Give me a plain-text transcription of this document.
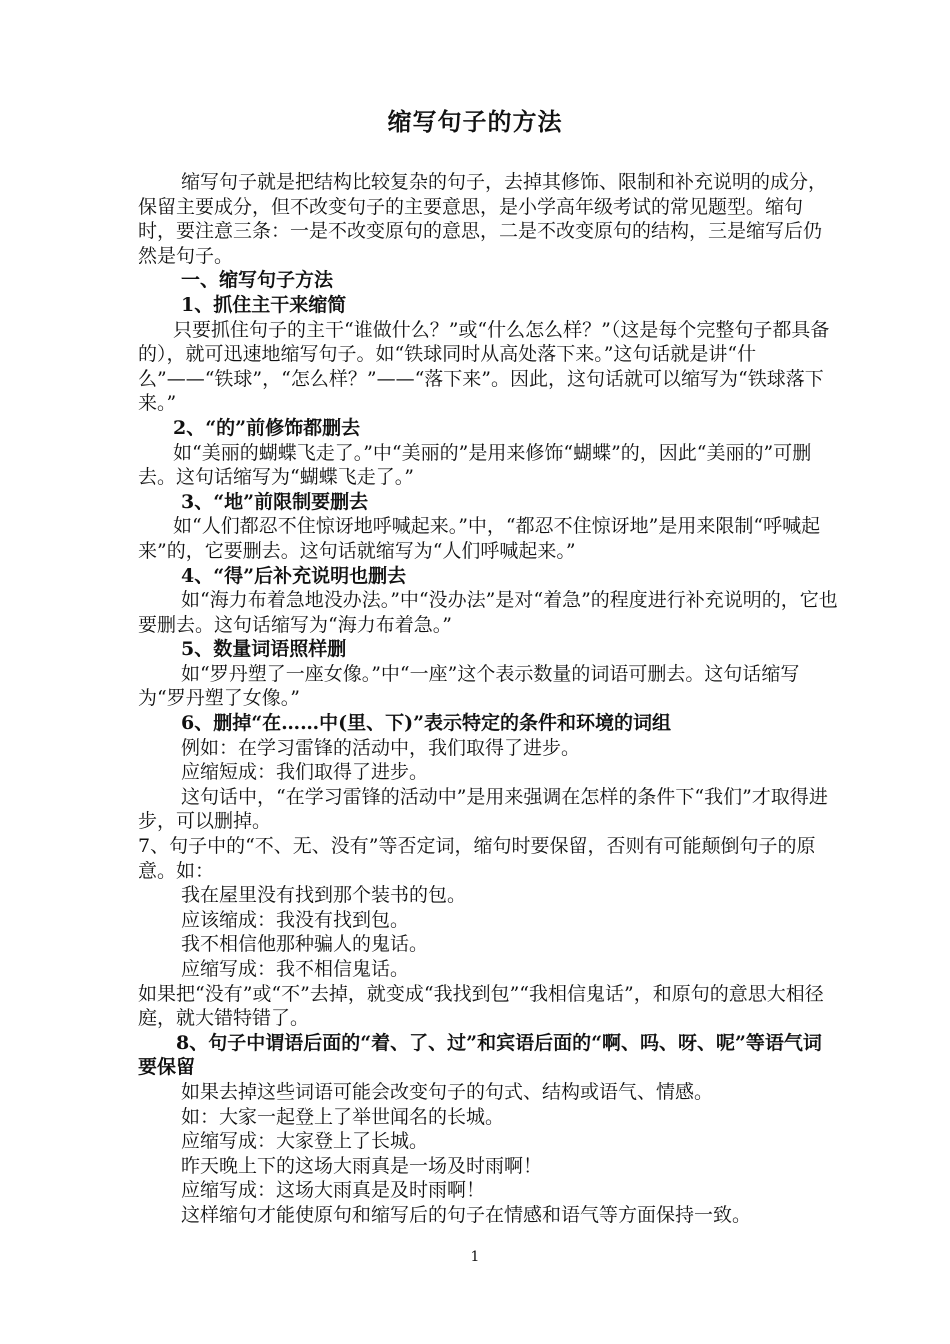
缩写句子的方法

缩写句子就是把结构比较复杂的句子，去掉其修饰、限制和补充说明的成分，保留主要成分，但不改变句子的主要意思，是小学高年级考试的常见题型。缩句时，要注意三条：一是不改变原句的意思，二是不改变原句的结构，三是缩写后仍然是句子。

一、缩写句子方法

1、抓住主干来缩简

只要抓住句子的主干“谁做什么？”或“什么怎么样？”（这是每个完整句子都具备的），就可迅速地缩写句子。如“铁球同时从高处落下来。”这句话就是讲“什么”——“铁球”，“怎么样？”——“落下来”。因此，这句话就可以缩写为“铁球落下来。”

2、“的”前修饰都删去

如“美丽的蝴蝶飞走了。”中“美丽的”是用来修饰“蝴蝶”的，因此“美丽的”可删去。这句话缩写为“蝴蝶飞走了。”

3、“地”前限制要删去

如“人们都忍不住惊讶地呼喊起来。”中，“都忍不住惊讶地”是用来限制“呼喊起来”的，它要删去。这句话就缩写为“人们呼喊起来。”

4、“得”后补充说明也删去

如“海力布着急地没办法。”中“没办法”是对“着急”的程度进行补充说明的，它也要删去。这句话缩写为“海力布着急。”

5、数量词语照样删

如“罗丹塑了一座女像。”中“一座”这个表示数量的词语可删去。这句话缩写为“罗丹塑了女像。”

6、删掉“在……中(里、下)”表示特定的条件和环境的词组

例如：在学习雷锋的活动中，我们取得了进步。

应缩短成：我们取得了进步。

这句话中，“在学习雷锋的活动中”是用来强调在怎样的条件下“我们”才取得进步，可以删掉。

7、句子中的“不、无、没有”等否定词，缩句时要保留，否则有可能颠倒句子的原意。如：

我在屋里没有找到那个装书的包。

应该缩成：我没有找到包。

我不相信他那种骗人的鬼话。

应缩写成：我不相信鬼话。

如果把“没有”或“不”去掉，就变成“我找到包”“我相信鬼话”，和原句的意思大相径庭，就大错特错了。

8、句子中谓语后面的“着、了、过”和宾语后面的“啊、吗、呀、呢”等语气词要保留

如果去掉这些词语可能会改变句子的句式、结构或语气、情感。

如：大家一起登上了举世闻名的长城。

应缩写成：大家登上了长城。

昨天晚上下的这场大雨真是一场及时雨啊！

应缩写成：这场大雨真是及时雨啊！

这样缩句才能使原句和缩写后的句子在情感和语气等方面保持一致。

1
